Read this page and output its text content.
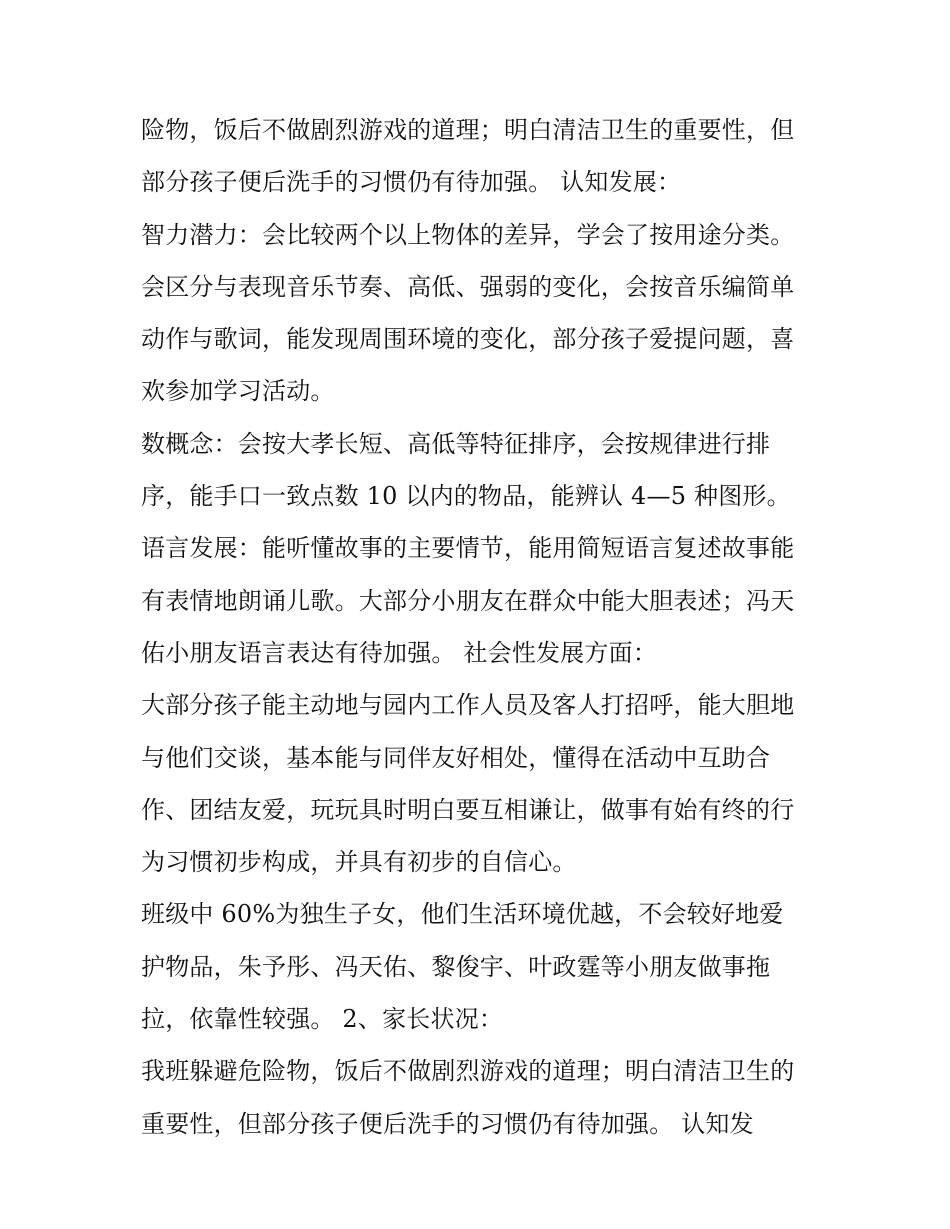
险物，饭后不做剧烈游戏的道理；明白清洁卫生的重要性，但
部分孩子便后洗手的习惯仍有待加强。 认知发展：
智力潜力：会比较两个以上物体的差异，学会了按用途分类。
会区分与表现音乐节奏、高低、强弱的变化，会按音乐编简单
动作与歌词，能发现周围环境的变化，部分孩子爱提问题，喜
欢参加学习活动。
数概念：会按大孝长短、高低等特征排序，会按规律进行排
序，能手口一致点数 10 以内的物品，能辨认 4—5 种图形。
语言发展：能听懂故事的主要情节，能用简短语言复述故事能
有表情地朗诵儿歌。大部分小朋友在群众中能大胆表述；冯天
佑小朋友语言表达有待加强。 社会性发展方面：
大部分孩子能主动地与园内工作人员及客人打招呼，能大胆地
与他们交谈，基本能与同伴友好相处，懂得在活动中互助合
作、团结友爱，玩玩具时明白要互相谦让，做事有始有终的行
为习惯初步构成，并具有初步的自信心。
班级中 60%为独生子女，他们生活环境优越，不会较好地爱
护物品，朱予彤、冯天佑、黎俊宇、叶政霆等小朋友做事拖
拉，依靠性较强。 2、家长状况：
我班躲避危险物，饭后不做剧烈游戏的道理；明白清洁卫生的
重要性，但部分孩子便后洗手的习惯仍有待加强。 认知发
